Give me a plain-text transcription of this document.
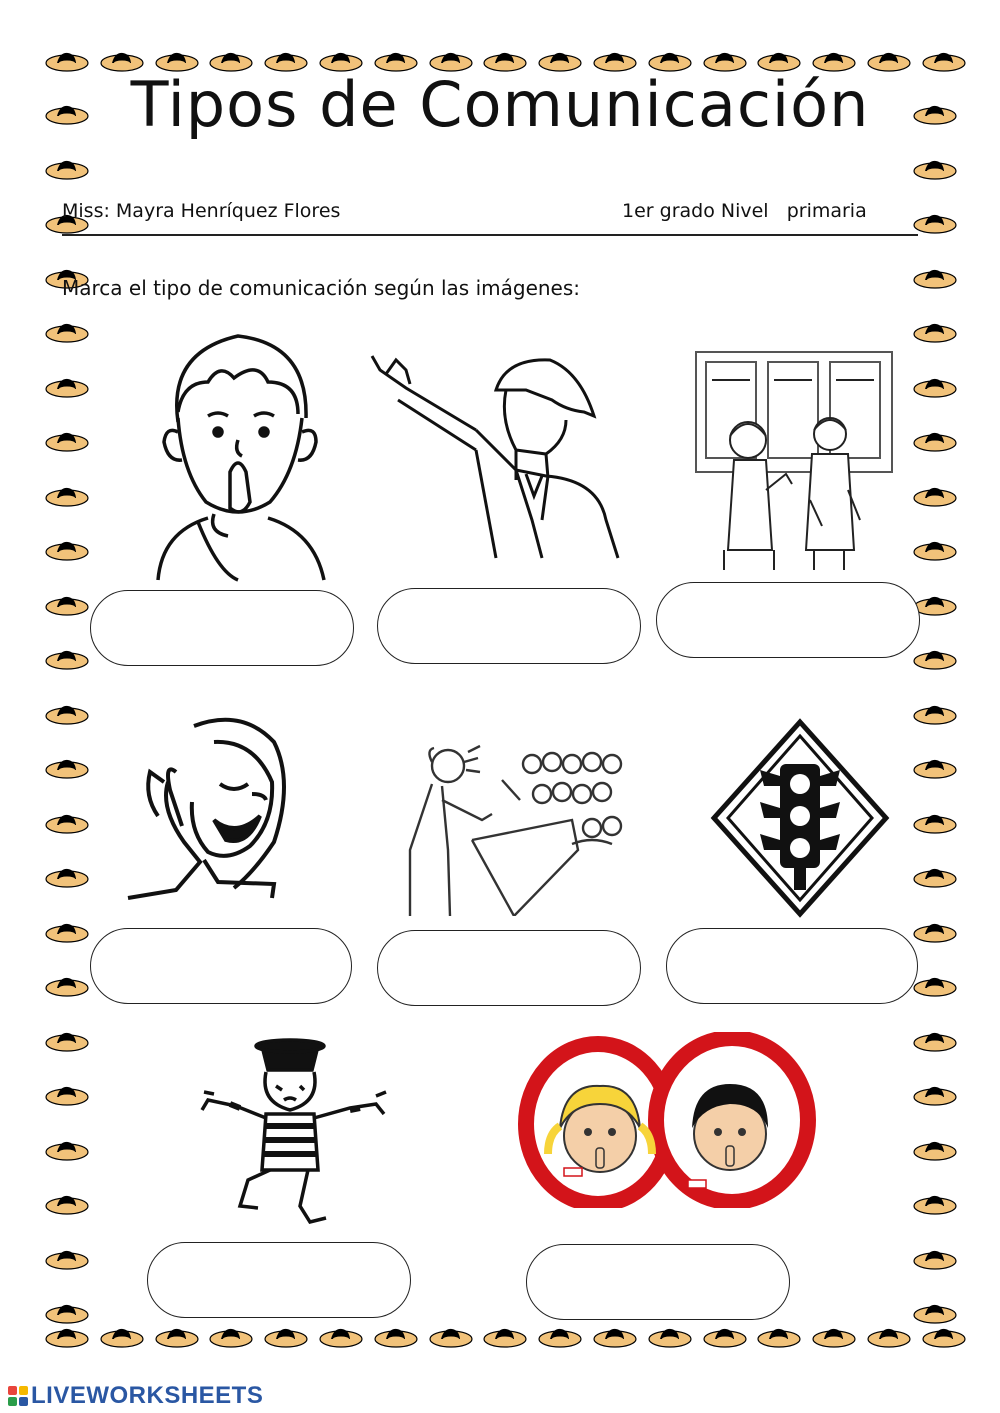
Tipos de Comunicación
Miss: Mayra Henríquez Flores	1er grado Nivel   primaria
Marca el tipo de comunicación según las imágenes:
LIVEWORKSHEETS
